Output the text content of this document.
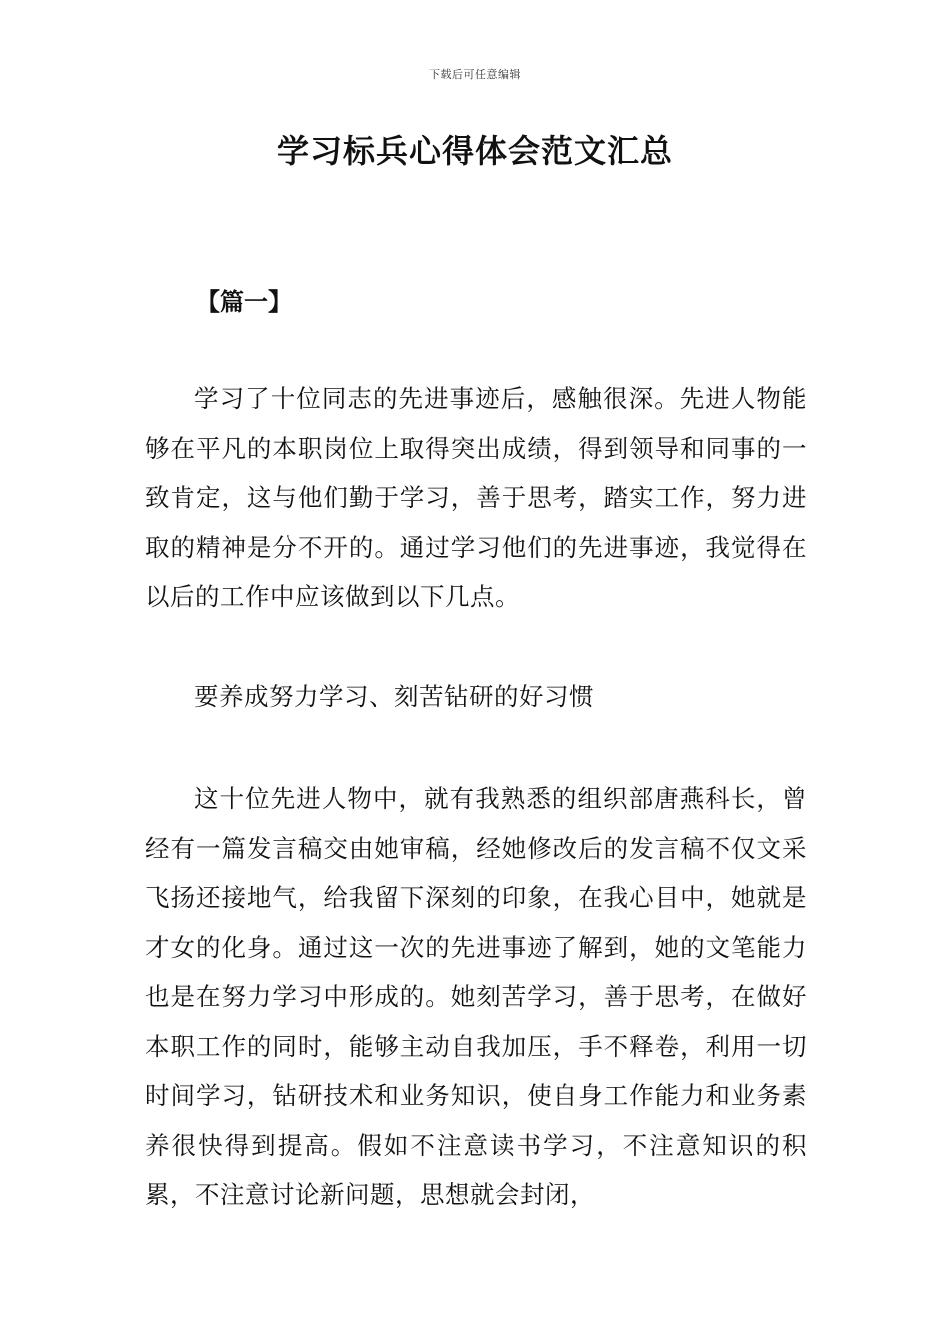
下载后可任意编辑
学习标兵心得体会范文汇总
【篇一】

学习了十位同志的先进事迹后，感触很深。先进人物能够在平凡的本职岗位上取得突出成绩，得到领导和同事的一致肯定，这与他们勤于学习，善于思考，踏实工作，努力进取的精神是分不开的。通过学习他们的先进事迹，我觉得在以后的工作中应该做到以下几点。

要养成努力学习、刻苦钻研的好习惯

这十位先进人物中，就有我熟悉的组织部唐燕科长，曾经有一篇发言稿交由她审稿，经她修改后的发言稿不仅文采飞扬还接地气，给我留下深刻的印象，在我心目中，她就是才女的化身。通过这一次的先进事迹了解到，她的文笔能力也是在努力学习中形成的。她刻苦学习，善于思考，在做好本职工作的同时，能够主动自我加压，手不释卷，利用一切时间学习，钻研技术和业务知识，使自身工作能力和业务素养很快得到提高。假如不注意读书学习，不注意知识的积累，不注意讨论新问题，思想就会封闭，
